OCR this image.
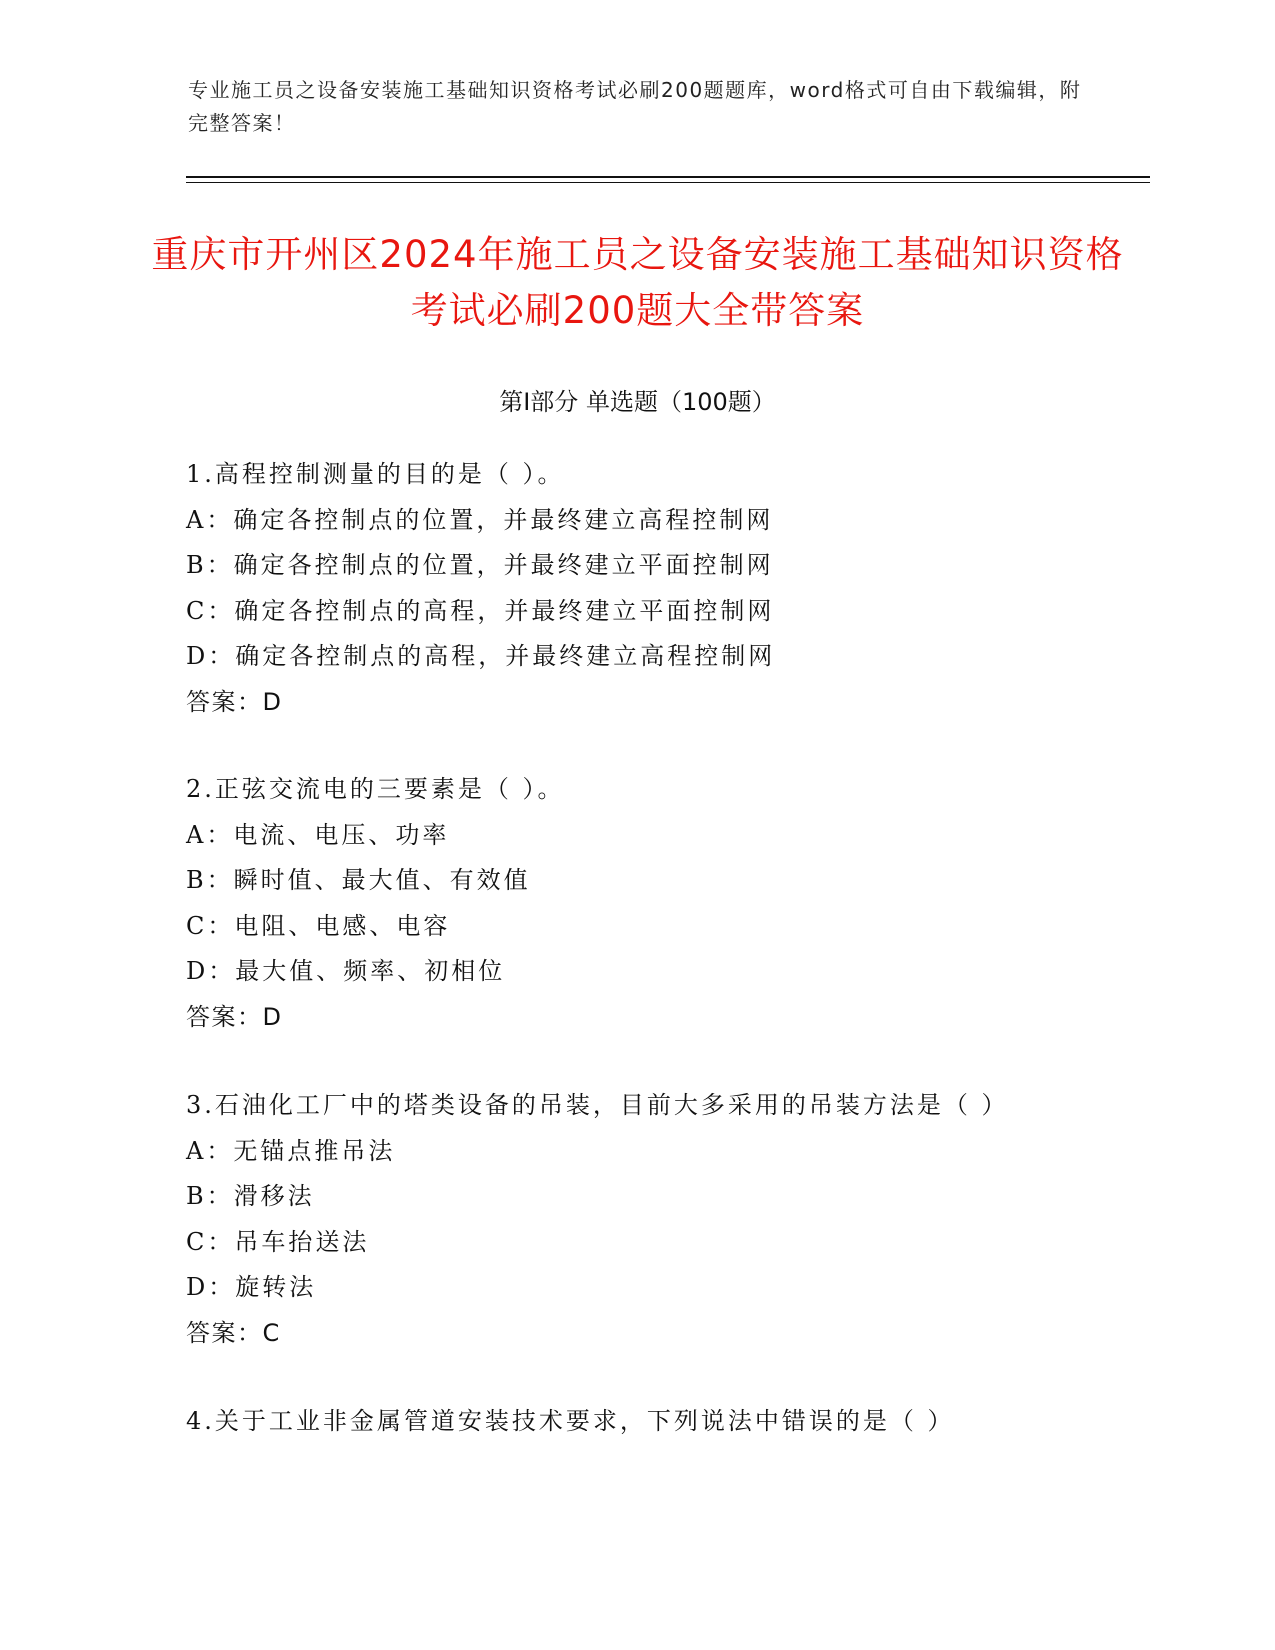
专业施工员之设备安装施工基础知识资格考试必刷200题题库，word格式可自由下载编辑，附完整答案！
重庆市开州区2024年施工员之设备安装施工基础知识资格考试必刷200题大全带答案
第Ⅰ部分 单选题（100题）
1.高程控制测量的目的是（ ）。
A：确定各控制点的位置，并最终建立高程控制网
B：确定各控制点的位置，并最终建立平面控制网
C：确定各控制点的高程，并最终建立平面控制网
D：确定各控制点的高程，并最终建立高程控制网
答案：D
2.正弦交流电的三要素是（ ）。
A：电流、电压、功率
B：瞬时值、最大值、有效值
C：电阻、电感、电容
D：最大值、频率、初相位
答案：D
3.石油化工厂中的塔类设备的吊装，目前大多采用的吊装方法是（ ）
A：无锚点推吊法
B：滑移法
C：吊车抬送法
D：旋转法
答案：C
4.关于工业非金属管道安装技术要求，下列说法中错误的是（ ）
